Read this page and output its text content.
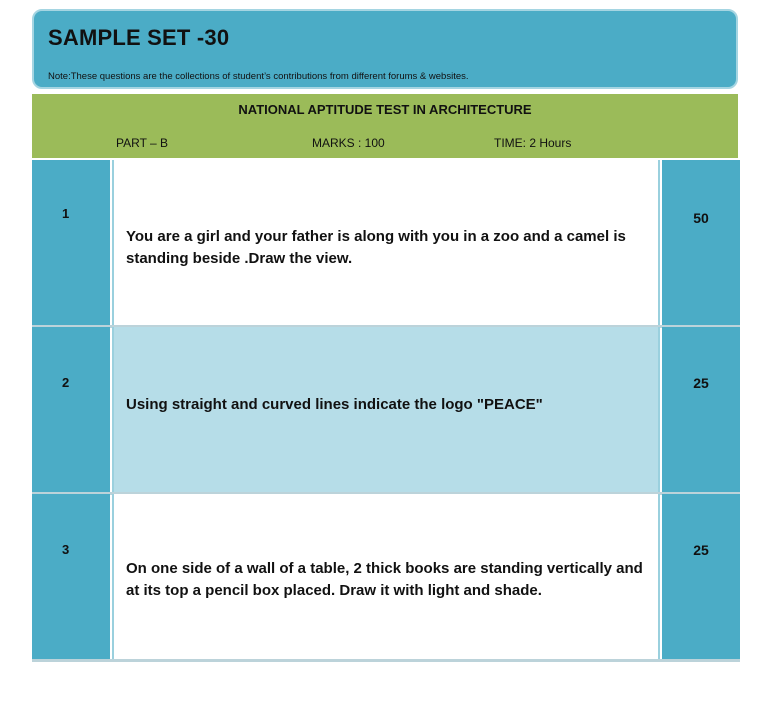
SAMPLE SET -30
Note:These questions are the collections of student’s contributions from different forums & websites.
NATIONAL APTITUDE TEST IN ARCHITECTURE
PART – B	MARKS : 100	TIME: 2 Hours
1
You are a girl and your father is along with you in a zoo and a camel is standing beside .Draw the view.
50
2
Using straight and curved lines indicate the logo "PEACE"
25
3
On one side of a wall of a table, 2 thick books are standing vertically and at its top a pencil box placed. Draw it with light and shade.
25
